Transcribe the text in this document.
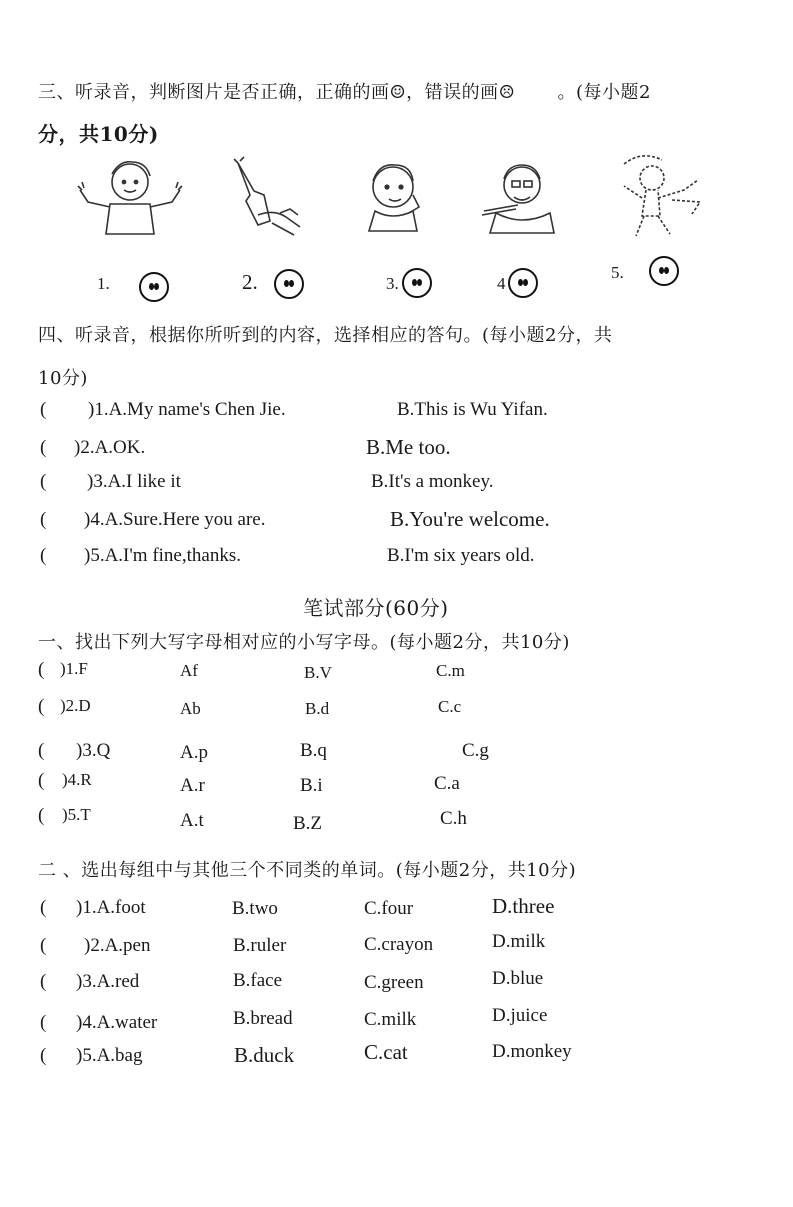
三、听录音，判断图片是否正确，正确的画☺，错误的画☹ 。(每小题2
分，共10分)
1.	2.	3.	4
5.
四、听录音，根据你所听到的内容，选择相应的答句。(每小题2分，共
10分)
( )1.A.My name's Chen Jie.	B.This is Wu Yifan.
( )2.A.OK.	B.Me too.
( )3.A.I like it	B.It's a monkey.
( )4.A.Sure.Here you are.	B.You're welcome.
( )5.A.I'm fine,thanks.	B.I'm six years old.
笔试部分(60分)
一、找出下列大写字母相对应的小写字母。(每小题2分，共10分)
( )1.F	Af	B.V	C.m
( )2.D	Ab	B.d	C.c
( )3.Q	A.p	B.q	C.g
( )4.R	A.r	B.i	C.a
( )5.T	A.t	B.Z	C.h
二 、选出每组中与其他三个不同类的单词。(每小题2分，共10分)
( )1.A.foot	B.two	C.four	D.three
( )2.A.pen	B.ruler	C.crayon	D.milk
( )3.A.red	B.face	C.green	D.blue
( )4.A.water	B.bread	C.milk	D.juice
( )5.A.bag	B.duck	C.cat	D.monkey
